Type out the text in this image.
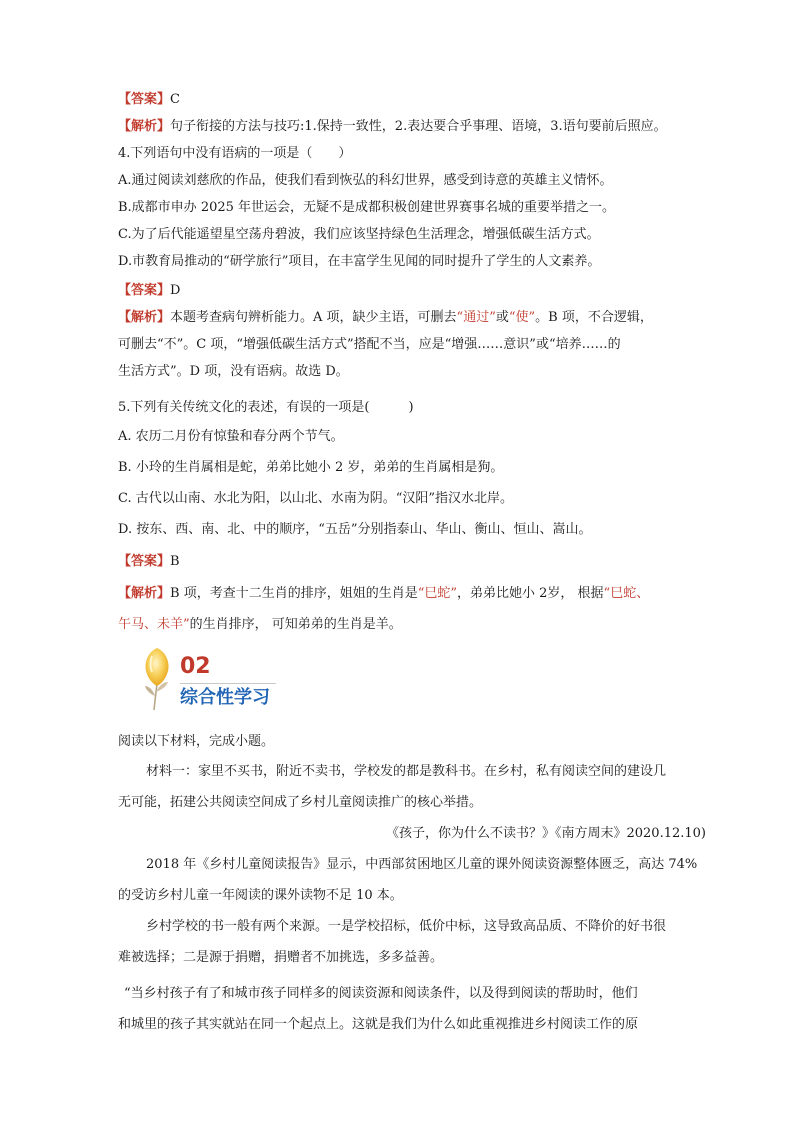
【答案】C
【解析】句子衔接的方法与技巧:1.保持一致性，2.表达要合乎事理、语境，3.语句要前后照应。
4.下列语句中没有语病的一项是（　　）
A.通过阅读刘慈欣的作品，使我们看到恢弘的科幻世界，感受到诗意的英雄主义情怀。
B.成都市申办 2025 年世运会，无疑不是成都积极创建世界赛事名城的重要举措之一。
C.为了后代能遥望星空荡舟碧波，我们应该坚持绿色生活理念，增强低碳生活方式。
D.市教育局推动的“研学旅行”项目，在丰富学生见闻的同时提升了学生的人文素养。
【答案】D
【解析】本题考查病句辨析能力。A 项，缺少主语，可删去“通过”或“使”。B 项，不合逻辑，
可删去“不”。C 项，“增强低碳生活方式”搭配不当，应是“增强……意识”或“培养……的
生活方式”。D 项，没有语病。故选 D。
5.下列有关传统文化的表述，有误的一项是(　　　)
A. 农历二月份有惊蛰和春分两个节气。
B. 小玲的生肖属相是蛇，弟弟比她小 2 岁，弟弟的生肖属相是狗。
C. 古代以山南、水北为阳，以山北、水南为阴。“汉阳”指汉水北岸。
D. 按东、西、南、北、中的顺序，“五岳”分别指泰山、华山、衡山、恒山、嵩山。
【答案】B
【解析】B 项，考查十二生肖的排序，姐姐的生肖是“巳蛇”，弟弟比她小 2岁， 根据“巳蛇、
午马、未羊”的生肖排序， 可知弟弟的生肖是羊。
02
综合性学习
阅读以下材料，完成小题。
材料一：家里不买书，附近不卖书，学校发的都是教科书。在乡村，私有阅读空间的建设几
无可能，拓建公共阅读空间成了乡村儿童阅读推广的核心举措。
《孩子，你为什么不读书？》《南方周末》2020.12.10)
2018 年《乡村儿童阅读报告》显示，中西部贫困地区儿童的课外阅读资源整体匮乏，高达 74%
的受访乡村儿童一年阅读的课外读物不足 10 本。
乡村学校的书一般有两个来源。一是学校招标，低价中标，这导致高品质、不降价的好书很
难被选择；二是源于捐赠，捐赠者不加挑选，多多益善。
“当乡村孩子有了和城市孩子同样多的阅读资源和阅读条件，以及得到阅读的帮助时，他们
和城里的孩子其实就站在同一个起点上。这就是我们为什么如此重视推进乡村阅读工作的原
